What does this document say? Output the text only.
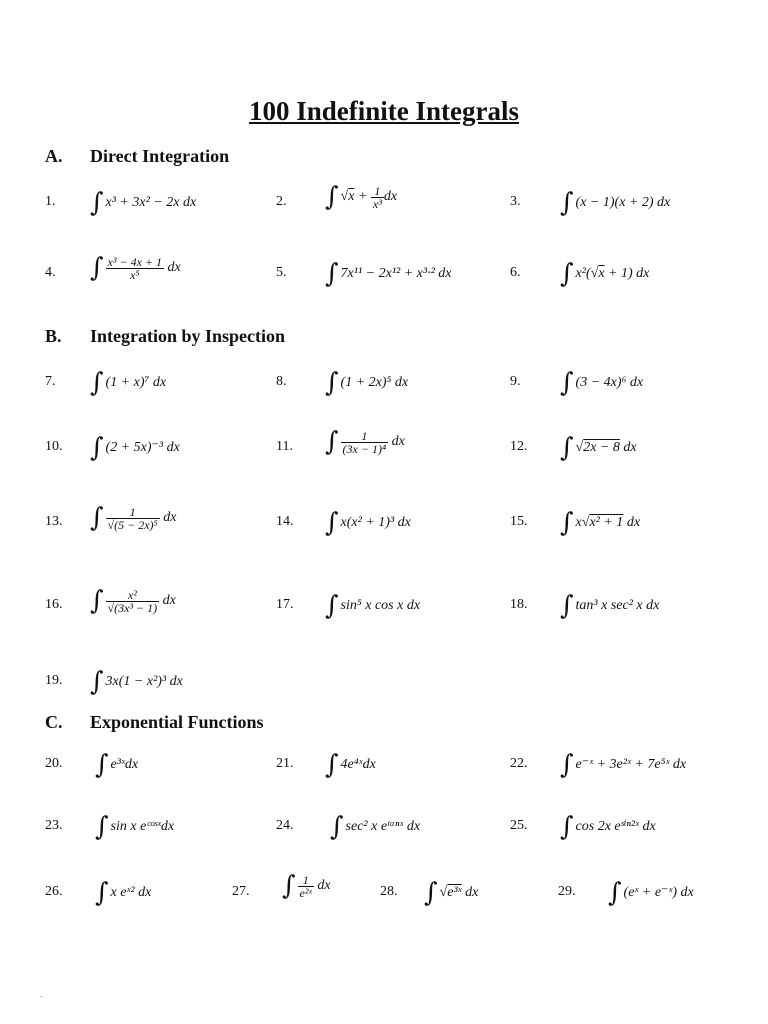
100 Indefinite Integrals
A. Direct Integration
1. ∫ x³ + 3x² − 2x dx	2. ∫ $√x + \frac{1}{\text{x³}}$ dx	3. ∫ (x − 1)(x + 2) dx
4. ∫ $\frac{\text{x³ − 4x + 1}}{\text{x⁵}}$ dx	5. ∫ 7x¹¹ − 2x¹² + x³·² dx	6. ∫ x²(√x + 1) dx
B. Integration by Inspection
7. ∫ (1 + x)⁷ dx	8. ∫ (1 + 2x)⁵ dx	9. ∫ (3 − 4x)⁶ dx
10. ∫ (2 + 5x)⁻³ dx	11. ∫ $\frac{1}{\text{(3x − 1)⁴}}$ dx	12. ∫ √2x − 8 dx
13. ∫ $\frac{1}{\text{√(5 − 2x)⁵}}$ dx	14. ∫ x(x² + 1)³ dx	15. ∫ x√x² + 1 dx
16. ∫ $\frac{\text{x²}}{\text{√(3x³ − 1)}}$ dx	17. ∫ sin⁵ x cos x dx	18. ∫ tan³ x sec² x dx
19. ∫ 3x(1 − x²)³ dx
C. Exponential Functions
20. ∫ e³ˣdx	21. ∫ 4e⁴ˣdx	22. ∫ e⁻ˣ + 3e²ˣ + 7e⁵ˣ dx
23. ∫ sin x eᶜᵒˢˣdx	24. ∫ sec² x eᵗᵃⁿˣ dx	25. ∫ cos 2x eˢⁱⁿ²ˣ dx
26. ∫ x eˣ² dx	27. ∫ $\frac{1}{\text{e²ˣ}}$ dx	28. ∫ √e³ˣ dx	29. ∫ (eˣ + e⁻ˣ) dx
